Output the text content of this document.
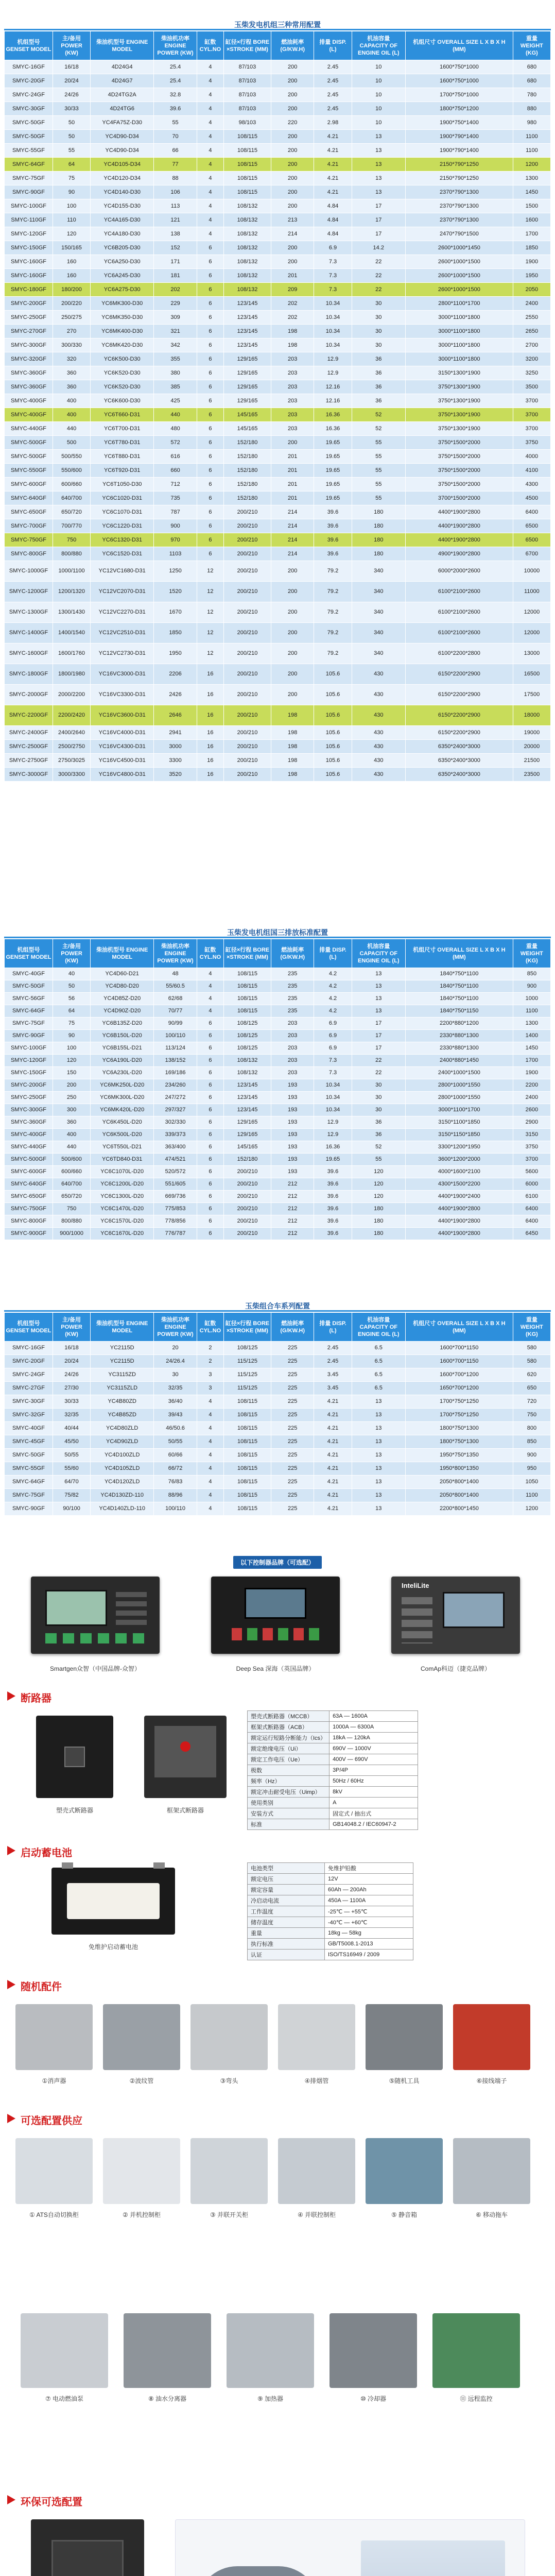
玉柴发电机组三种常用配置
机组型号 GENSET MODEL	主/备用 POWER (KW)	柴油机型号 ENGINE MODEL	柴油机功率 ENGINE POWER (KW)	缸数 CYL.NO	缸径×行程 BORE ×STROKE (MM)	燃油耗率 (G/KW.H)	排量 DISP. (L)	机油容量 CAPACITY OF ENGINE OIL (L)	机组尺寸 OVERALL SIZE L X B X H (MM)	重量 WEIGHT (KG)
SMYC-16GF	16/18	4D24G4	25.4	4	87/103	200	2.45	10	1600*750*1000	680
SMYC-20GF	20/24	4D24G7	25.4	4	87/103	200	2.45	10	1600*750*1000	680
SMYC-24GF	24/26	4D24TG2A	32.8	4	87/103	200	2.45	10	1700*750*1000	780
SMYC-30GF	30/33	4D24TG6	39.6	4	87/103	200	2.45	10	1800*750*1200	880
SMYC-50GF	50	YC4FA75Z-D30	55	4	98/103	220	2.98	10	1900*750*1400	980
SMYC-50GF	50	YC4D90-D34	70	4	108/115	200	4.21	13	1900*790*1400	1100
SMYC-55GF	55	YC4D90-D34	66	4	108/115	200	4.21	13	1900*790*1400	1100
SMYC-64GF	64	YC4D105-D34	77	4	108/115	200	4.21	13	2150*790*1250	1200
SMYC-75GF	75	YC4D120-D34	88	4	108/115	200	4.21	13	2150*790*1250	1300
SMYC-90GF	90	YC4D140-D30	106	4	108/115	200	4.21	13	2370*790*1300	1450
SMYC-100GF	100	YC4D155-D30	113	4	108/132	200	4.84	17	2370*790*1300	1500
SMYC-110GF	110	YC4A165-D30	121	4	108/132	213	4.84	17	2370*790*1300	1600
SMYC-120GF	120	YC4A180-D30	138	4	108/132	214	4.84	17	2470*790*1500	1700
SMYC-150GF	150/165	YC6B205-D30	152	6	108/132	200	6.9	14.2	2600*1000*1450	1850
SMYC-160GF	160	YC6A250-D30	171	6	108/132	200	7.3	22	2600*1000*1500	1900
SMYC-160GF	160	YC6A245-D30	181	6	108/132	201	7.3	22	2600*1000*1500	1950
SMYC-180GF	180/200	YC6A275-D30	202	6	108/132	209	7.3	22	2600*1000*1500	2050
SMYC-200GF	200/220	YC6MK300-D30	229	6	123/145	202	10.34	30	2800*1100*1700	2400
SMYC-250GF	250/275	YC6MK350-D30	309	6	123/145	202	10.34	30	3000*1100*1800	2550
SMYC-270GF	270	YC6MK400-D30	321	6	123/145	198	10.34	30	3000*1100*1800	2650
SMYC-300GF	300/330	YC6MK420-D30	342	6	123/145	198	10.34	30	3000*1100*1800	2700
SMYC-320GF	320	YC6K500-D30	355	6	129/165	203	12.9	36	3000*1100*1800	3200
SMYC-360GF	360	YC6K520-D30	380	6	129/165	203	12.9	36	3150*1300*1900	3250
SMYC-360GF	360	YC6K520-D30	385	6	129/165	203	12.16	36	3750*1300*1900	3500
SMYC-400GF	400	YC6K600-D30	425	6	129/165	203	12.16	36	3750*1300*1900	3700
SMYC-400GF	400	YC6T660-D31	440	6	145/165	203	16.36	52	3750*1300*1900	3700
SMYC-440GF	440	YC6T700-D31	480	6	145/165	203	16.36	52	3750*1300*1900	3700
SMYC-500GF	500	YC6T780-D31	572	6	152/180	200	19.65	55	3750*1500*2000	3750
SMYC-500GF	500/550	YC6T880-D31	616	6	152/180	201	19.65	55	3750*1500*2000	4000
SMYC-550GF	550/600	YC6T920-D31	660	6	152/180	201	19.65	55	3750*1500*2000	4100
SMYC-600GF	600/660	YC6T1050-D30	712	6	152/180	201	19.65	55	3750*1500*2000	4300
SMYC-640GF	640/700	YC6C1020-D31	735	6	152/180	201	19.65	55	3700*1500*2000	4500
SMYC-650GF	650/720	YC6C1070-D31	787	6	200/210	214	39.6	180	4400*1900*2800	6400
SMYC-700GF	700/770	YC6C1220-D31	900	6	200/210	214	39.6	180	4400*1900*2800	6500
SMYC-750GF	750	YC6C1320-D31	970	6	200/210	214	39.6	180	4400*1900*2800	6500
SMYC-800GF	800/880	YC6C1520-D31	1103	6	200/210	214	39.6	180	4900*1900*2800	6700
SMYC-1000GF	1000/1100	YC12VC1680-D31	1250	12	200/210	200	79.2	340	6000*2000*2600	10000
SMYC-1200GF	1200/1320	YC12VC2070-D31	1520	12	200/210	200	79.2	340	6100*2100*2600	11000
SMYC-1300GF	1300/1430	YC12VC2270-D31	1670	12	200/210	200	79.2	340	6100*2100*2600	12000
SMYC-1400GF	1400/1540	YC12VC2510-D31	1850	12	200/210	200	79.2	340	6100*2100*2600	12000
SMYC-1600GF	1600/1760	YC12VC2730-D31	1950	12	200/210	200	79.2	340	6100*2200*2800	13000
SMYC-1800GF	1800/1980	YC16VC3000-D31	2206	16	200/210	200	105.6	430	6150*2200*2900	16500
SMYC-2000GF	2000/2200	YC16VC3300-D31	2426	16	200/210	200	105.6	430	6150*2200*2900	17500
SMYC-2200GF	2200/2420	YC16VC3600-D31	2646	16	200/210	198	105.6	430	6150*2200*2900	18000
SMYC-2400GF	2400/2640	YC16VC4000-D31	2941	16	200/210	198	105.6	430	6150*2200*2900	19000
SMYC-2500GF	2500/2750	YC16VC4300-D31	3000	16	200/210	198	105.6	430	6350*2400*3000	20000
SMYC-2750GF	2750/3025	YC16VC4500-D31	3300	16	200/210	198	105.6	430	6350*2400*3000	21500
SMYC-3000GF	3000/3300	YC16VC4800-D31	3520	16	200/210	198	105.6	430	6350*2400*3000	23500
玉柴发电机组国三排放标准配置
机组型号 GENSET MODEL	主/备用 POWER (KW)	柴油机型号 ENGINE MODEL	柴油机功率 ENGINE POWER (KW)	缸数 CYL.NO	缸径×行程 BORE ×STROKE (MM)	燃油耗率 (G/KW.H)	排量 DISP. (L)	机油容量 CAPACITY OF ENGINE OIL (L)	机组尺寸 OVERALL SIZE L X B X H (MM)	重量 WEIGHT (KG)
SMYC-40GF	40	YC4D60-D21	48	4	108/115	235	4.2	13	1840*750*1100	850
SMYC-50GF	50	YC4D80-D20	55/60.5	4	108/115	235	4.2	13	1840*750*1100	900
SMYC-56GF	56	YC4D85Z-D20	62/68	4	108/115	235	4.2	13	1840*750*1100	1000
SMYC-64GF	64	YC4D90Z-D20	70/77	4	108/115	235	4.2	13	1840*750*1150	1100
SMYC-75GF	75	YC6B135Z-D20	90/99	6	108/125	203	6.9	17	2200*880*1200	1300
SMYC-90GF	90	YC6B150L-D20	100/110	6	108/125	203	6.9	17	2330*880*1300	1400
SMYC-100GF	100	YC6B155L-D21	113/124	6	108/125	203	6.9	17	2330*880*1300	1450
SMYC-120GF	120	YC6A190L-D20	138/152	6	108/132	203	7.3	22	2400*880*1450	1700
SMYC-150GF	150	YC6A230L-D20	169/186	6	108/132	203	7.3	22	2400*1000*1500	1900
SMYC-200GF	200	YC6MK250L-D20	234/260	6	123/145	193	10.34	30	2800*1000*1550	2200
SMYC-250GF	250	YC6MK300L-D20	247/272	6	123/145	193	10.34	30	2800*1000*1550	2400
SMYC-300GF	300	YC6MK420L-D20	297/327	6	123/145	193	10.34	30	3000*1100*1700	2600
SMYC-360GF	360	YC6K450L-D20	302/330	6	129/165	193	12.9	36	3150*1100*1850	2900
SMYC-400GF	400	YC6K500L-D20	339/373	6	129/165	193	12.9	36	3150*1150*1850	3150
SMYC-440GF	440	YC6T550L-D21	363/400	6	145/165	193	16.36	52	3300*1200*1950	3750
SMYC-500GF	500/600	YC6TD840-D31	474/521	6	152/180	193	19.65	55	3600*1200*2000	3700
SMYC-600GF	600/660	YC6C1070L-D20	520/572	6	200/210	193	39.6	120	4000*1600*2100	5600
SMYC-640GF	640/700	YC6C1200L-D20	551/605	6	200/210	212	39.6	120	4300*1500*2200	6000
SMYC-650GF	650/720	YC6C1300L-D20	669/736	6	200/210	212	39.6	120	4400*1900*2400	6100
SMYC-750GF	750	YC6C1470L-D20	775/853	6	200/210	212	39.6	180	4400*1900*2800	6400
SMYC-800GF	800/880	YC6C1570L-D20	778/856	6	200/210	212	39.6	180	4400*1900*2800	6400
SMYC-900GF	900/1000	YC6C1670L-D20	776/787	6	200/210	212	39.6	180	4400*1900*2800	6450
玉柴组合车系列配置
机组型号 GENSET MODEL	主/备用 POWER (KW)	柴油机型号 ENGINE MODEL	柴油机功率 ENGINE POWER (KW)	缸数 CYL.NO	缸径×行程 BORE ×STROKE (MM)	燃油耗率 (G/KW.H)	排量 DISP. (L)	机油容量 CAPACITY OF ENGINE OIL (L)	机组尺寸 OVERALL SIZE L X B X H (MM)	重量 WEIGHT (KG)
SMYC-16GF	16/18	YC2115D	20	2	108/125	225	2.45	6.5	1600*700*1150	580
SMYC-20GF	20/24	YC2115D	24/26.4	2	115/125	225	2.45	6.5	1600*700*1150	580
SMYC-24GF	24/26	YC3115ZD	30	3	115/125	225	3.45	6.5	1600*700*1200	620
SMYC-27GF	27/30	YC3115ZLD	32/35	3	115/125	225	3.45	6.5	1650*700*1200	650
SMYC-30GF	30/33	YC4B80ZD	36/40	4	108/115	225	4.21	13	1700*750*1250	720
SMYC-32GF	32/35	YC4B85ZD	39/43	4	108/115	225	4.21	13	1700*750*1250	750
SMYC-40GF	40/44	YC4D80ZLD	46/50.6	4	108/115	225	4.21	13	1800*750*1300	800
SMYC-45GF	45/50	YC4D90ZLD	50/55	4	108/115	225	4.21	13	1800*750*1300	850
SMYC-50GF	50/55	YC4D100ZLD	60/66	4	108/115	225	4.21	13	1950*750*1350	900
SMYC-55GF	55/60	YC4D105ZLD	66/72	4	108/115	225	4.21	13	1950*800*1350	950
SMYC-64GF	64/70	YC4D120ZLD	76/83	4	108/115	225	4.21	13	2050*800*1400	1050
SMYC-75GF	75/82	YC4D130ZD-110	88/96	4	108/115	225	4.21	13	2050*800*1400	1100
SMYC-90GF	90/100	YC4D140ZLD-110	100/110	4	108/115	225	4.21	13	2200*800*1450	1200
以下控制器品牌（可选配）
InteliLite
Smartgen众智（中国品牌-众智）	Deep Sea 深海（英国品牌）	ComAp科迈（捷克品牌）
断路器
塑壳式断路器	框架式断路器
塑壳式断路器（MCCB）	63A — 1600A
框架式断路器（ACB）	1000A — 6300A
额定运行短路分断能力（Ics）	18kA — 120kA
额定绝缘电压（Ui）	690V — 1000V
额定工作电压（Ue）	400V — 690V
极数	3P/4P
频率（Hz）	50Hz / 60Hz
额定冲击耐受电压（Uimp）	8kV
使用类别	A
安装方式	固定式 / 抽出式
标准	GB14048.2 / IEC60947-2
启动蓄电池
免维护启动蓄电池
电池类型	免维护铅酸
额定电压	12V
额定容量	60Ah — 200Ah
冷启动电流	450A — 1100A
工作温度	-25℃ — +55℃
储存温度	-40℃ — +60℃
重量	18kg — 58kg
执行标准	GB/T5008.1-2013
认证	ISO/TS16949 / 2009
随机配件
①消声器	②波纹管	③弯头	④排烟管	⑤随机工具	⑥接线端子
可选配置供应
① ATS自动切换柜	② 并机控制柜	③ 并联开关柜	④ 并联控制柜	⑤ 静音箱	⑥ 移动拖车
⑦ 电动燃油泵	⑧ 油水分离器	⑨ 加热器	⑩ 冷却器	⑪ 远程监控
环保可选配置
